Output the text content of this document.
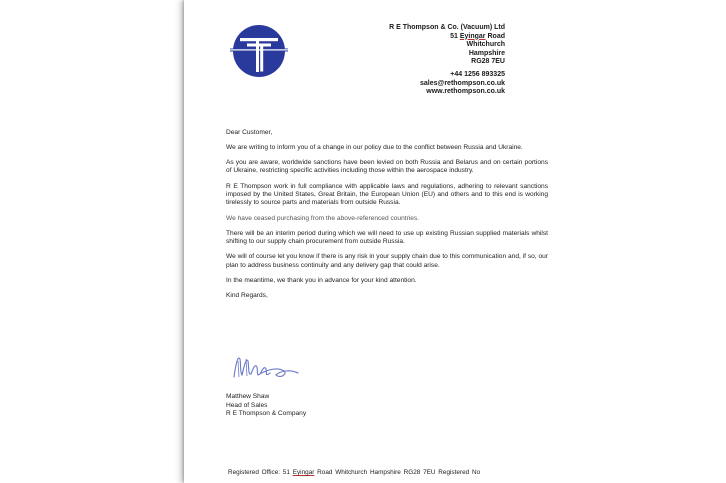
R E Thompson & Co. (Vacuum) Ltd
51 Eyingar Road
Whitchurch
Hampshire
RG28 7EU
+44 1256 893325
sales@rethompson.co.uk
www.rethompson.co.uk

Dear Customer,

We are writing to inform you of a change in our policy due to the conflict between Russia and Ukraine.

As you are aware, worldwide sanctions have been levied on both Russia and Belarus and on certain portions of Ukraine, restricting specific activities including those within the aerospace industry.

R E Thompson work in full compliance with applicable laws and regulations, adhering to relevant sanctions imposed by the United States, Great Britain, the European Union (EU) and others and to this end is working tirelessly to source parts and materials from outside Russia.

We have ceased purchasing from the above-referenced countries.

There will be an interim period during which we will need to use up existing Russian supplied materials whilst shifting to our supply chain procurement from outside Russia.

We will of course let you know if there is any risk in your supply chain due to this communication and, if so, our plan to address business continuity and any delivery gap that could arise.

In the meantime, we thank you in advance for your kind attention.

Kind Regards,

Matthew Shaw
Head of Sales
R E Thompson & Company
Registered Office: 51 Eyingar Road Whitchurch Hampshire RG28 7EU Registered No
